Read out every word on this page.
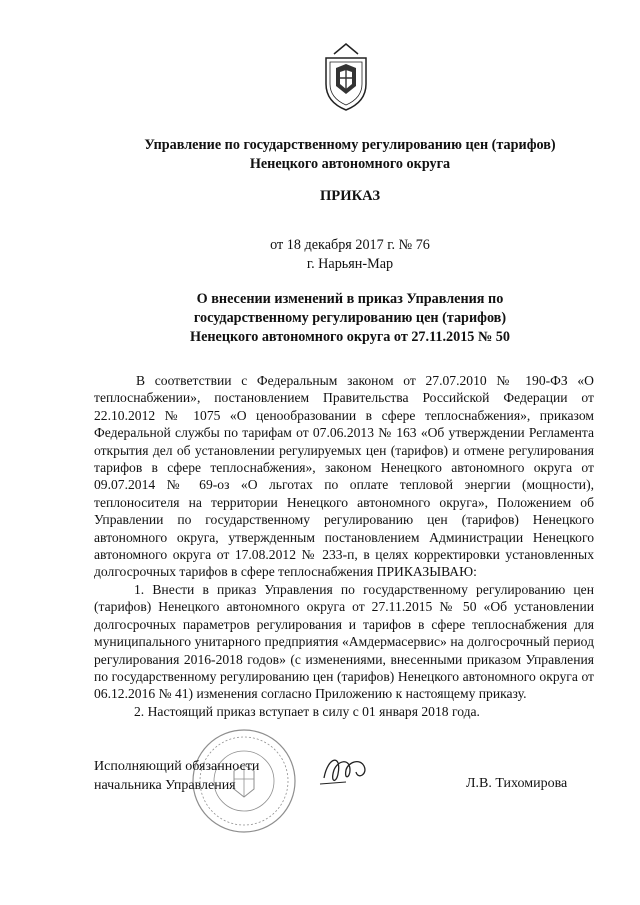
Управление по государственному регулированию цен (тарифов)
Ненецкого автономного округа
ПРИКАЗ
от 18 декабря 2017 г. № 76
г. Нарьян-Мар
О внесении изменений в приказ Управления по
государственному регулированию цен (тарифов)
Ненецкого автономного округа от 27.11.2015 № 50

В соответствии с Федеральным законом от 27.07.2010 № 190-ФЗ «О теплоснабжении», постановлением Правительства Российской Федерации от 22.10.2012 № 1075 «О ценообразовании в сфере теплоснабжения», приказом Федеральной службы по тарифам от 07.06.2013 № 163 «Об утверждении Регламента открытия дел об установлении регулируемых цен (тарифов) и отмене регулирования тарифов в сфере теплоснабжения», законом Ненецкого автономного округа от 09.07.2014 № 69-оз «О льготах по оплате тепловой энергии (мощности), теплоносителя на территории Ненецкого автономного округа», Положением об Управлении по государственному регулированию цен (тарифов) Ненецкого автономного округа, утвержденным постановлением Администрации Ненецкого автономного округа от 17.08.2012 № 233-п, в целях корректировки установленных долгосрочных тарифов в сфере теплоснабжения ПРИКАЗЫВАЮ:

1. Внести в приказ Управления по государственному регулированию цен (тарифов) Ненецкого автономного округа от 27.11.2015 № 50 «Об установлении долгосрочных параметров регулирования и тарифов в сфере теплоснабжения для муниципального унитарного предприятия «Амдермасервис» на долгосрочный период регулирования 2016-2018 годов» (с изменениями, внесенными приказом Управления по государственному регулированию цен (тарифов) Ненецкого автономного округа от 06.12.2016 № 41) изменения согласно Приложению к настоящему приказу.

2. Настоящий приказ вступает в силу с 01 января 2018 года.

Исполняющий обязанности
начальника Управления	Л.В. Тихомирова
